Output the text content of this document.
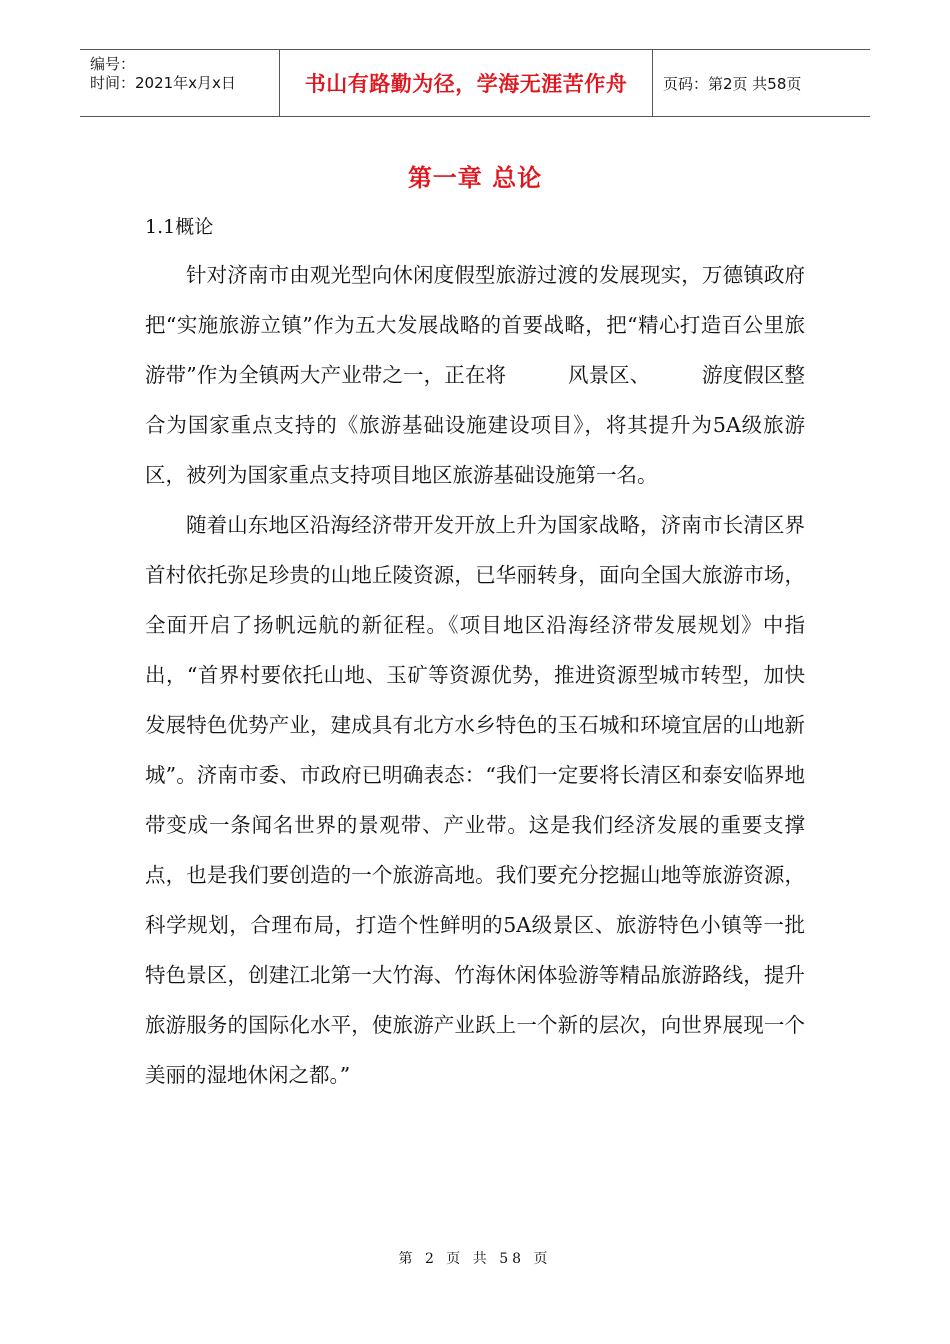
编号：
时间：2021年x月x日	书山有路勤为径，学海无涯苦作舟	页码：第2页 共58页
第一章 总论
1.1概论

针对济南市由观光型向休闲度假型旅游过渡的发展现实，万德镇政府把“实施旅游立镇”作为五大发展战略的首要战略，把“精心打造百公里旅游带”作为全镇两大产业带之一，正在将　　　风景区、　　　游度假区整合为国家重点支持的《旅游基础设施建设项目》，将其提升为5A级旅游区，被列为国家重点支持项目地区旅游基础设施第一名。

随着山东地区沿海经济带开发开放上升为国家战略，济南市长清区界首村依托弥足珍贵的山地丘陵资源，已华丽转身，面向全国大旅游市场，全面开启了扬帆远航的新征程。《项目地区沿海经济带发展规划》中指出，“首界村要依托山地、玉矿等资源优势，推进资源型城市转型，加快发展特色优势产业，建成具有北方水乡特色的玉石城和环境宜居的山地新城”。济南市委、市政府已明确表态：“我们一定要将长清区和泰安临界地带变成一条闻名世界的景观带、产业带。这是我们经济发展的重要支撑点，也是我们要创造的一个旅游高地。我们要充分挖掘山地等旅游资源，科学规划，合理布局，打造个性鲜明的5A级景区、旅游特色小镇等一批特色景区，创建江北第一大竹海、竹海休闲体验游等精品旅游路线，提升旅游服务的国际化水平，使旅游产业跃上一个新的层次，向世界展现一个美丽的湿地休闲之都。”

第 2 页 共 58 页
